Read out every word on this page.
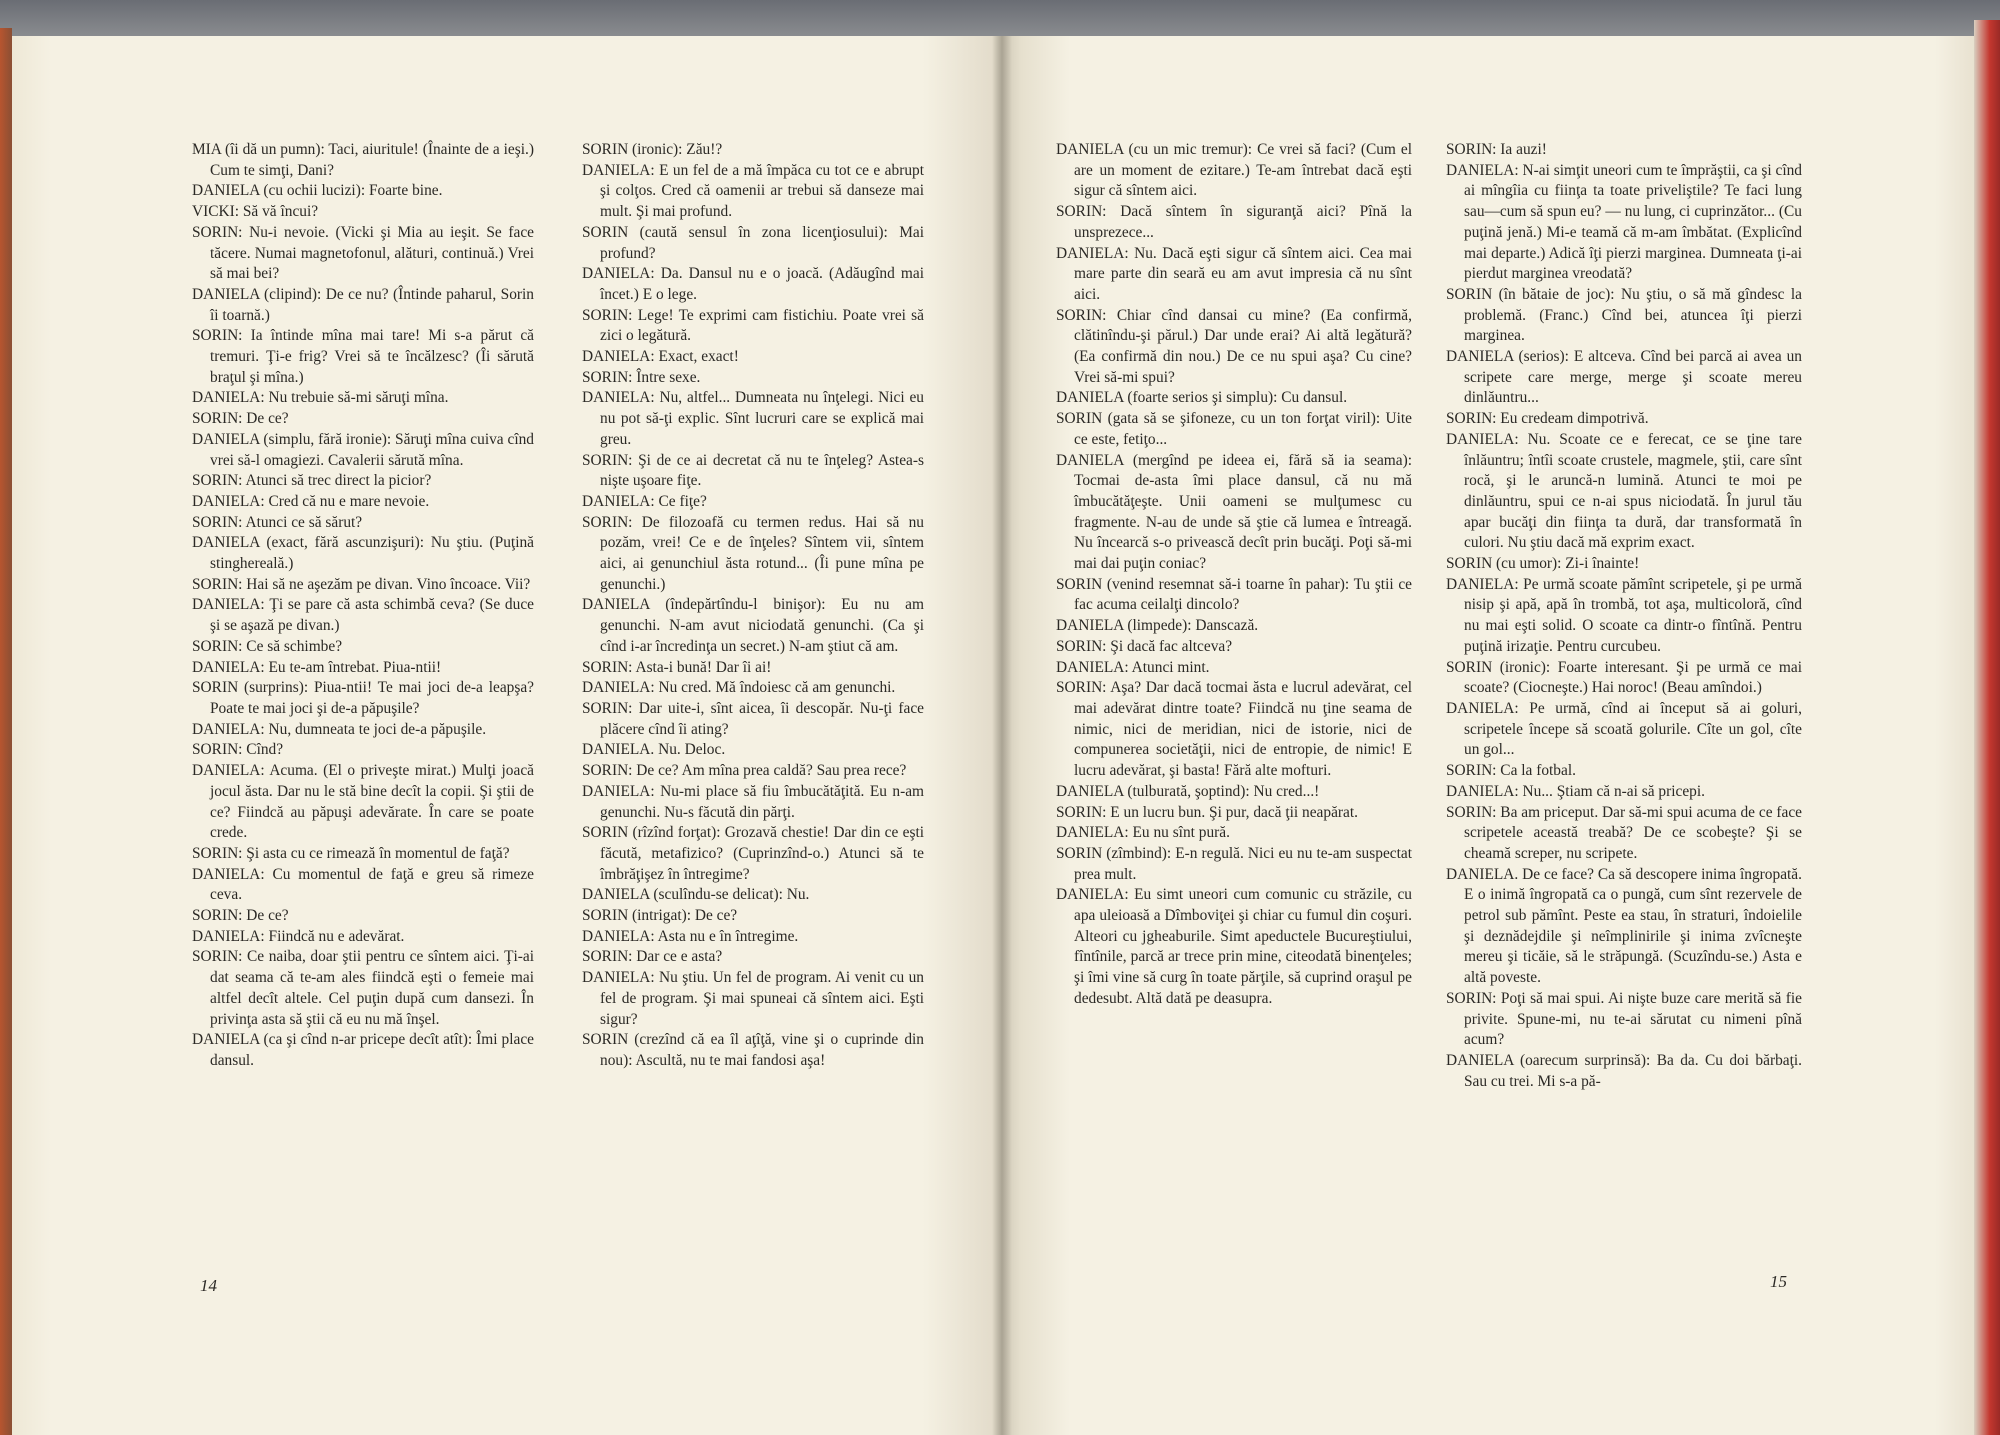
MIA (îi dă un pumn): Taci, aiuritule! (Înainte de a ieşi.) Cum te simţi, Dani?

DANIELA (cu ochii lucizi): Foarte bine.

VICKI: Să vă încui?

SORIN: Nu-i nevoie. (Vicki şi Mia au ieşit. Se face tăcere. Numai magnetofonul, alături, continuă.) Vrei să mai bei?

DANIELA (clipind): De ce nu? (Întinde paharul, Sorin îi toarnă.)

SORIN: Ia întinde mîna mai tare! Mi s-a părut că tremuri. Ţi-e frig? Vrei să te încălzesc? (Îi sărută braţul şi mîna.)

DANIELA: Nu trebuie să-mi săruţi mîna.

SORIN: De ce?

DANIELA (simplu, fără ironie): Săruţi mîna cuiva cînd vrei să-l omagiezi. Cavalerii sărută mîna.

SORIN: Atunci să trec direct la picior?

DANIELA: Cred că nu e mare nevoie.

SORIN: Atunci ce să sărut?

DANIELA (exact, fără ascunzişuri): Nu ştiu. (Puţină stinghereală.)

SORIN: Hai să ne aşezăm pe divan. Vino încoace. Vii?

DANIELA: Ţi se pare că asta schimbă ceva? (Se duce şi se aşază pe divan.)

SORIN: Ce să schimbe?

DANIELA: Eu te-am întrebat. Piua-ntii!

SORIN (surprins): Piua-ntii! Te mai joci de-a leapşa? Poate te mai joci şi de-a păpuşile?

DANIELA: Nu, dumneata te joci de-a păpuşile.

SORIN: Cînd?

DANIELA: Acuma. (El o priveşte mirat.) Mulţi joacă jocul ăsta. Dar nu le stă bine decît la copii. Şi ştii de ce? Fiindcă au păpuşi adevărate. În care se poate crede.

SORIN: Şi asta cu ce rimează în momentul de faţă?

DANIELA: Cu momentul de faţă e greu să rimeze ceva.

SORIN: De ce?

DANIELA: Fiindcă nu e adevărat.

SORIN: Ce naiba, doar ştii pentru ce sîntem aici. Ţi-ai dat seama că te-am ales fiindcă eşti o femeie mai altfel decît altele. Cel puţin după cum dansezi. În privinţa asta să ştii că eu nu mă înşel.

DANIELA (ca şi cînd n-ar pricepe decît atît): Îmi place dansul.

SORIN (ironic): Zău!?

DANIELA: E un fel de a mă împăca cu tot ce e abrupt şi colţos. Cred că oamenii ar trebui să danseze mai mult. Şi mai profund.

SORIN (caută sensul în zona licenţiosului): Mai profund?

DANIELA: Da. Dansul nu e o joacă. (Adăugînd mai încet.) E o lege.

SORIN: Lege! Te exprimi cam fistichiu. Poate vrei să zici o legătură.

DANIELA: Exact, exact!

SORIN: Între sexe.

DANIELA: Nu, altfel... Dumneata nu înţelegi. Nici eu nu pot să-ţi explic. Sînt lucruri care se explică mai greu.

SORIN: Şi de ce ai decretat că nu te înţeleg? Astea-s nişte uşoare fiţe.

DANIELA: Ce fiţe?

SORIN: De filozoafă cu termen redus. Hai să nu pozăm, vrei! Ce e de înţeles? Sîntem vii, sîntem aici, ai genunchiul ăsta rotund... (Îi pune mîna pe genunchi.)

DANIELA (îndepărtîndu-l binişor): Eu nu am genunchi. N-am avut niciodată genunchi. (Ca şi cînd i-ar încredinţa un secret.) N-am ştiut că am.

SORIN: Asta-i bună! Dar îi ai!

DANIELA: Nu cred. Mă îndoiesc că am genunchi.

SORIN: Dar uite-i, sînt aicea, îi descopăr. Nu-ţi face plăcere cînd îi ating?

DANIELA. Nu. Deloc.

SORIN: De ce? Am mîna prea caldă? Sau prea rece?

DANIELA: Nu-mi place să fiu îmbucătăţită. Eu n-am genunchi. Nu-s făcută din părţi.

SORIN (rîzînd forţat): Grozavă chestie! Dar din ce eşti făcută, metafizico? (Cuprinzînd-o.) Atunci să te îmbrăţişez în întregime?

DANIELA (sculîndu-se delicat): Nu.

SORIN (intrigat): De ce?

DANIELA: Asta nu e în întregime.

SORIN: Dar ce e asta?

DANIELA: Nu ştiu. Un fel de program. Ai venit cu un fel de program. Şi mai spuneai că sîntem aici. Eşti sigur?

SORIN (crezînd că ea îl aţîţă, vine şi o cuprinde din nou): Ascultă, nu te mai fandosi aşa!

DANIELA (cu un mic tremur): Ce vrei să faci? (Cum el are un moment de ezitare.) Te-am întrebat dacă eşti sigur că sîntem aici.

SORIN: Dacă sîntem în siguranţă aici? Pînă la unsprezece...

DANIELA: Nu. Dacă eşti sigur că sîntem aici. Cea mai mare parte din seară eu am avut impresia că nu sînt aici.

SORIN: Chiar cînd dansai cu mine? (Ea confirmă, clătinîndu-şi părul.) Dar unde erai? Ai altă legătură? (Ea confirmă din nou.) De ce nu spui aşa? Cu cine? Vrei să-mi spui?

DANIELA (foarte serios şi simplu): Cu dansul.

SORIN (gata să se şifoneze, cu un ton forţat viril): Uite ce este, fetiţo...

DANIELA (mergînd pe ideea ei, fără să ia seama): Tocmai de-asta îmi place dansul, că nu mă îmbucătăţeşte. Unii oameni se mulţumesc cu fragmente. N-au de unde să ştie că lumea e întreagă. Nu încearcă s-o privească decît prin bucăţi. Poţi să-mi mai dai puţin coniac?

SORIN (venind resemnat să-i toarne în pahar): Tu ştii ce fac acuma ceilalţi dincolo?

DANIELA (limpede): Danscază.

SORIN: Şi dacă fac altceva?

DANIELA: Atunci mint.

SORIN: Aşa? Dar dacă tocmai ăsta e lucrul adevărat, cel mai adevărat dintre toate? Fiindcă nu ţine seama de nimic, nici de meridian, nici de istorie, nici de compunerea societăţii, nici de entropie, de nimic! E lucru adevărat, şi basta! Fără alte mofturi.

DANIELA (tulburată, şoptind): Nu cred...!

SORIN: E un lucru bun. Şi pur, dacă ţii neapărat.

DANIELA: Eu nu sînt pură.

SORIN (zîmbind): E-n regulă. Nici eu nu te-am suspectat prea mult.

DANIELA: Eu simt uneori cum comunic cu străzile, cu apa uleioasă a Dîmboviţei şi chiar cu fumul din coşuri. Alteori cu jgheaburile. Simt apeductele Bucureştiului, fîntînile, parcă ar trece prin mine, citeodată binenţeles; şi îmi vine să curg în toate părţile, să cuprind oraşul pe dedesubt. Altă dată pe deasupra.

SORIN: Ia auzi!

DANIELA: N-ai simţit uneori cum te împrăştii, ca şi cînd ai mîngîia cu fiinţa ta toate priveliştile? Te faci lung sau—cum să spun eu? — nu lung, ci cuprinzător... (Cu puţină jenă.) Mi-e teamă că m-am îmbătat. (Explicînd mai departe.) Adică îţi pierzi marginea. Dumneata ţi-ai pierdut marginea vreodată?

SORIN (în bătaie de joc): Nu ştiu, o să mă gîndesc la problemă. (Franc.) Cînd bei, atuncea îţi pierzi marginea.

DANIELA (serios): E altceva. Cînd bei parcă ai avea un scripete care merge, merge şi scoate mereu dinlăuntru...

SORIN: Eu credeam dimpotrivă.

DANIELA: Nu. Scoate ce e ferecat, ce se ţine tare înlăuntru; întîi scoate crustele, magmele, ştii, care sînt rocă, şi le aruncă-n lumină. Atunci te moi pe dinlăuntru, spui ce n-ai spus niciodată. În jurul tău apar bucăţi din fiinţa ta dură, dar transformată în culori. Nu ştiu dacă mă exprim exact.

SORIN (cu umor): Zi-i înainte!

DANIELA: Pe urmă scoate pămînt scripetele, şi pe urmă nisip şi apă, apă în trombă, tot aşa, multicoloră, cînd nu mai eşti solid. O scoate ca dintr-o fîntînă. Pentru puţină irizaţie. Pentru curcubeu.

SORIN (ironic): Foarte interesant. Şi pe urmă ce mai scoate? (Ciocneşte.) Hai noroc! (Beau amîndoi.)

DANIELA: Pe urmă, cînd ai început să ai goluri, scripetele începe să scoată golurile. Cîte un gol, cîte un gol...

SORIN: Ca la fotbal.

DANIELA: Nu... Ştiam că n-ai să pricepi.

SORIN: Ba am priceput. Dar să-mi spui acuma de ce face scripetele această treabă? De ce scobeşte? Şi se cheamă screper, nu scripete.

DANIELA. De ce face? Ca să descopere inima îngropată. E o inimă îngropată ca o pungă, cum sînt rezervele de petrol sub pămînt. Peste ea stau, în straturi, îndoielile şi deznădejdile şi neîmplinirile şi inima zvîcneşte mereu şi ticăie, să le străpungă. (Scuzîndu-se.) Asta e altă poveste.

SORIN: Poţi să mai spui. Ai nişte buze care merită să fie privite. Spune-mi, nu te-ai sărutat cu nimeni pînă acum?

DANIELA (oarecum surprinsă): Ba da. Cu doi bărbaţi. Sau cu trei. Mi s-a pă-

14	15
